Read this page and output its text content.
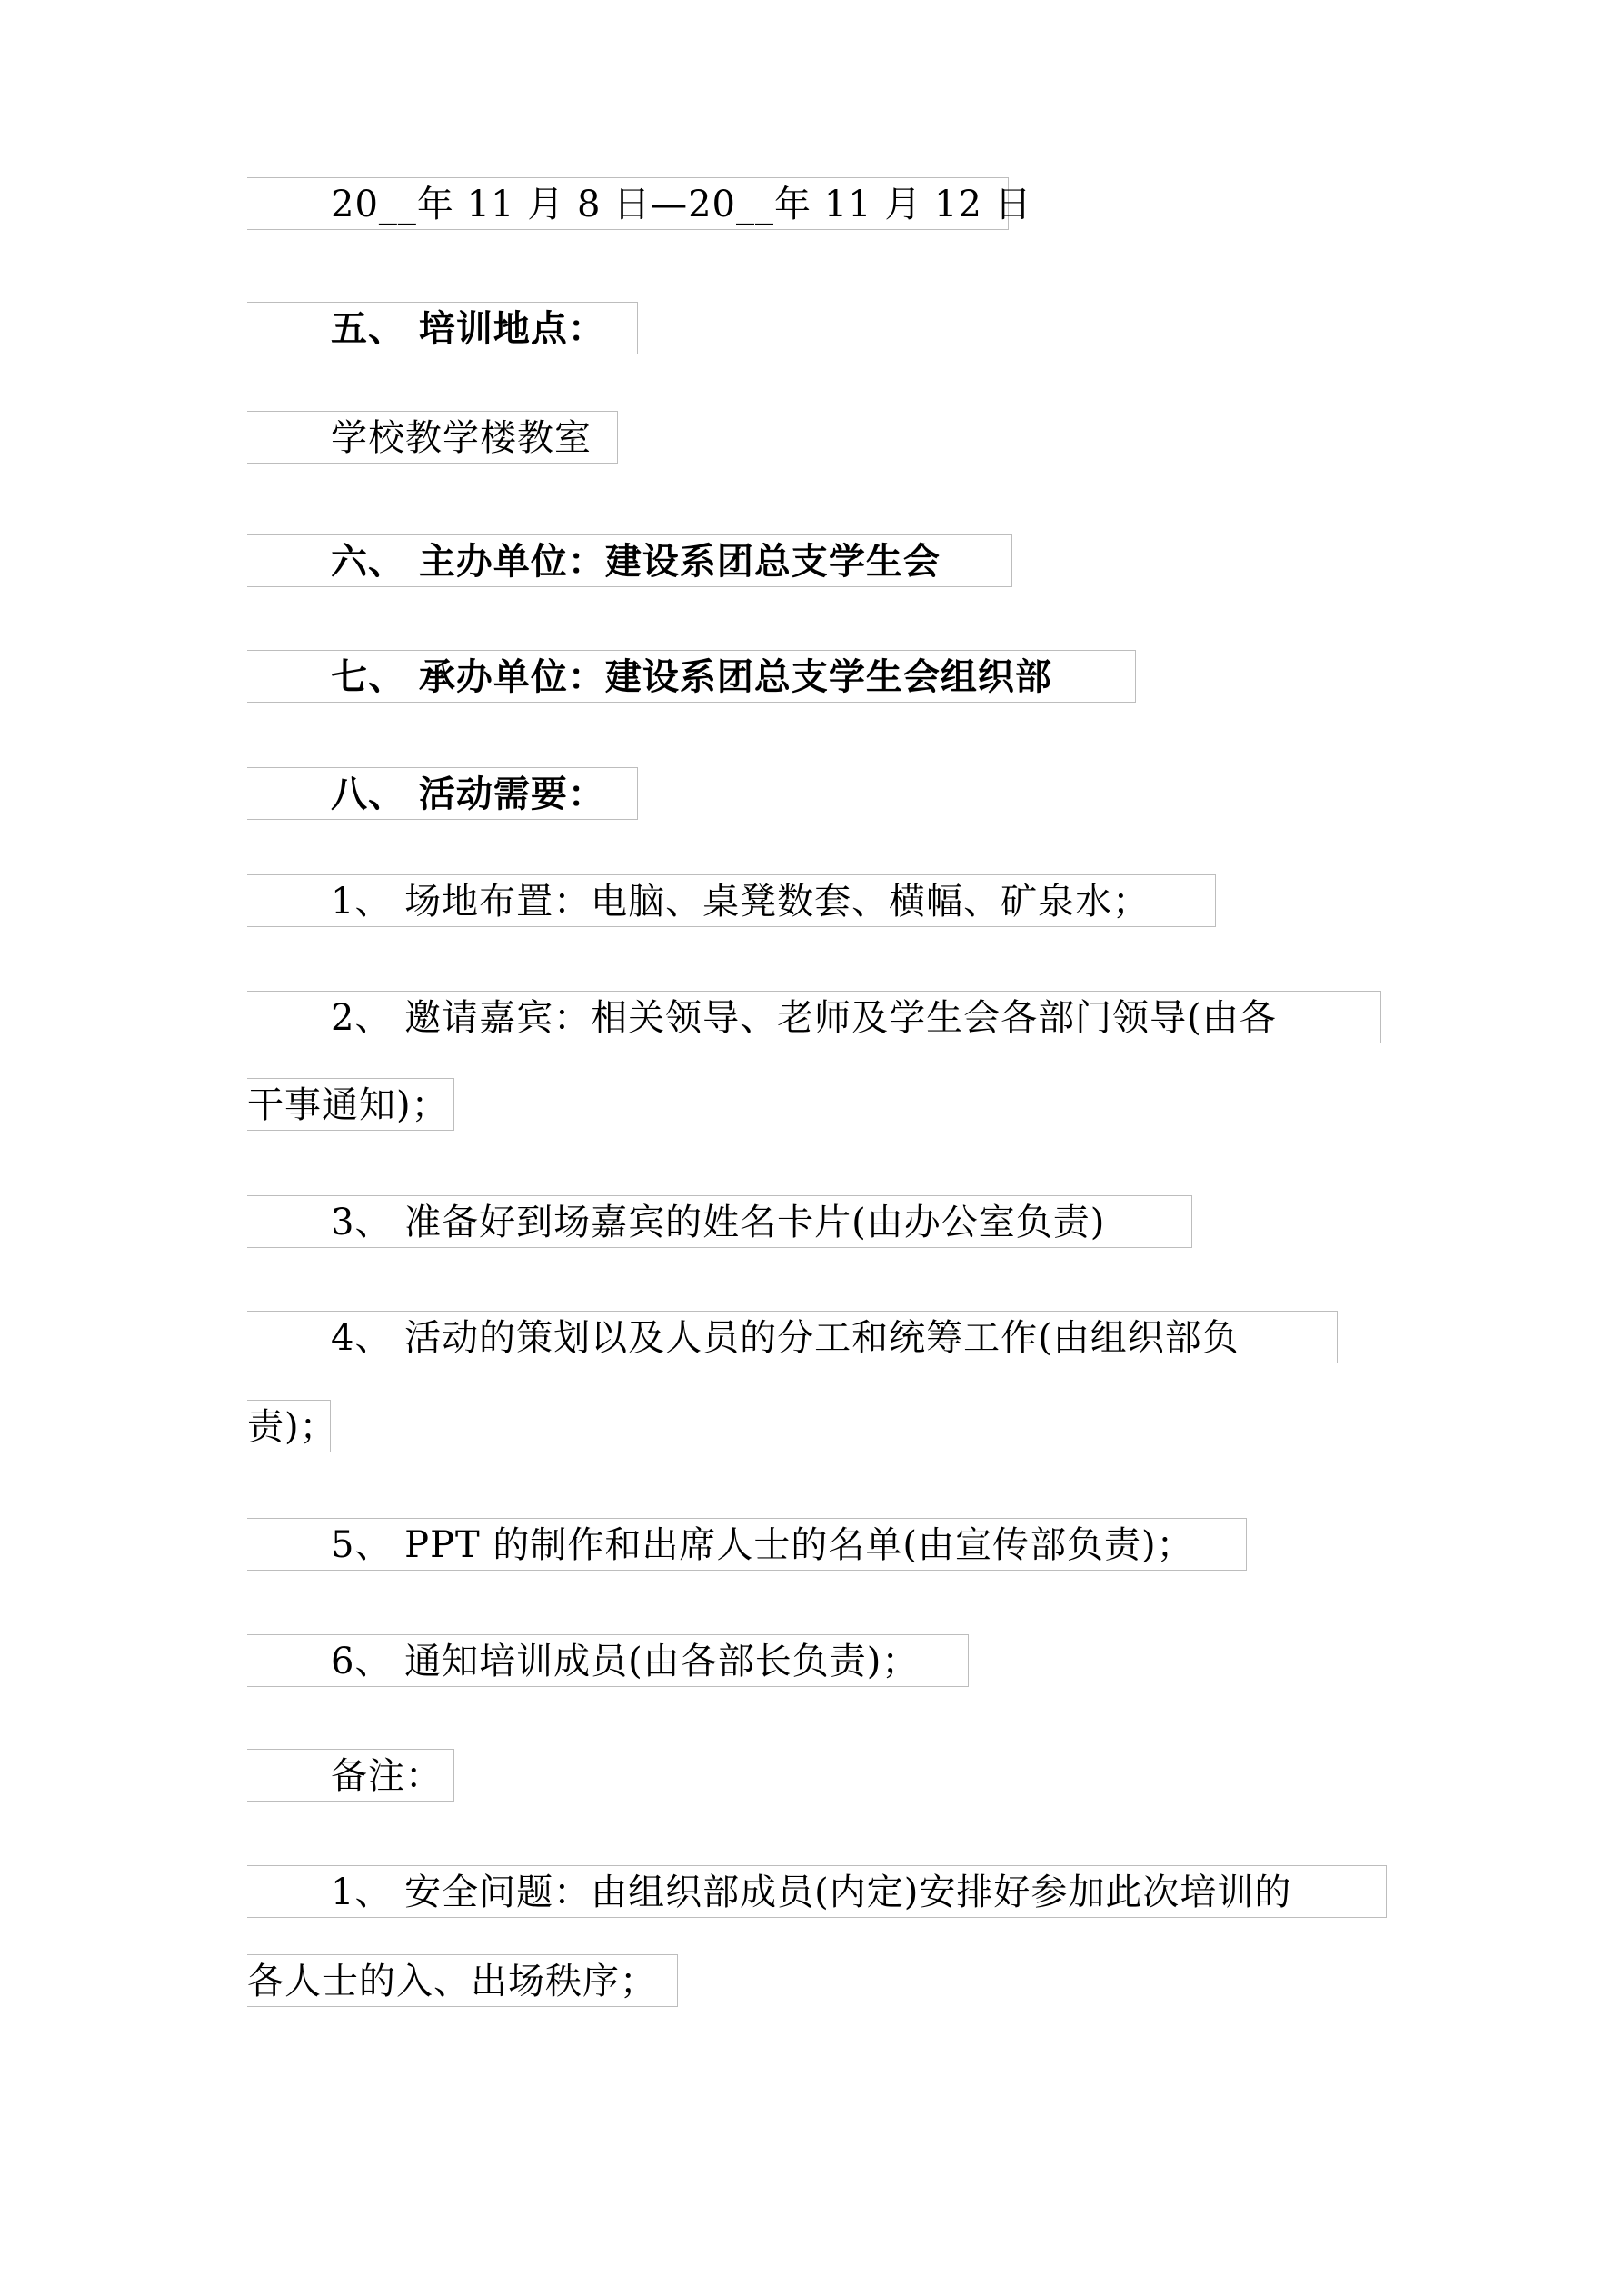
20__年 11 月 8 日—20__年 11 月 12 日
五、 培训地点：
学校教学楼教室
六、 主办单位：建设系团总支学生会
七、 承办单位：建设系团总支学生会组织部
八、 活动需要：
1、 场地布置：电脑、桌凳数套、横幅、矿泉水；
2、 邀请嘉宾：相关领导、老师及学生会各部门领导(由各
干事通知)；
3、 准备好到场嘉宾的姓名卡片(由办公室负责)
4、 活动的策划以及人员的分工和统筹工作(由组织部负
责)；
5、 PPT 的制作和出席人士的名单(由宣传部负责)；
6、 通知培训成员(由各部长负责)；
备注：
1、 安全问题：由组织部成员(内定)安排好参加此次培训的
各人士的入、出场秩序；
